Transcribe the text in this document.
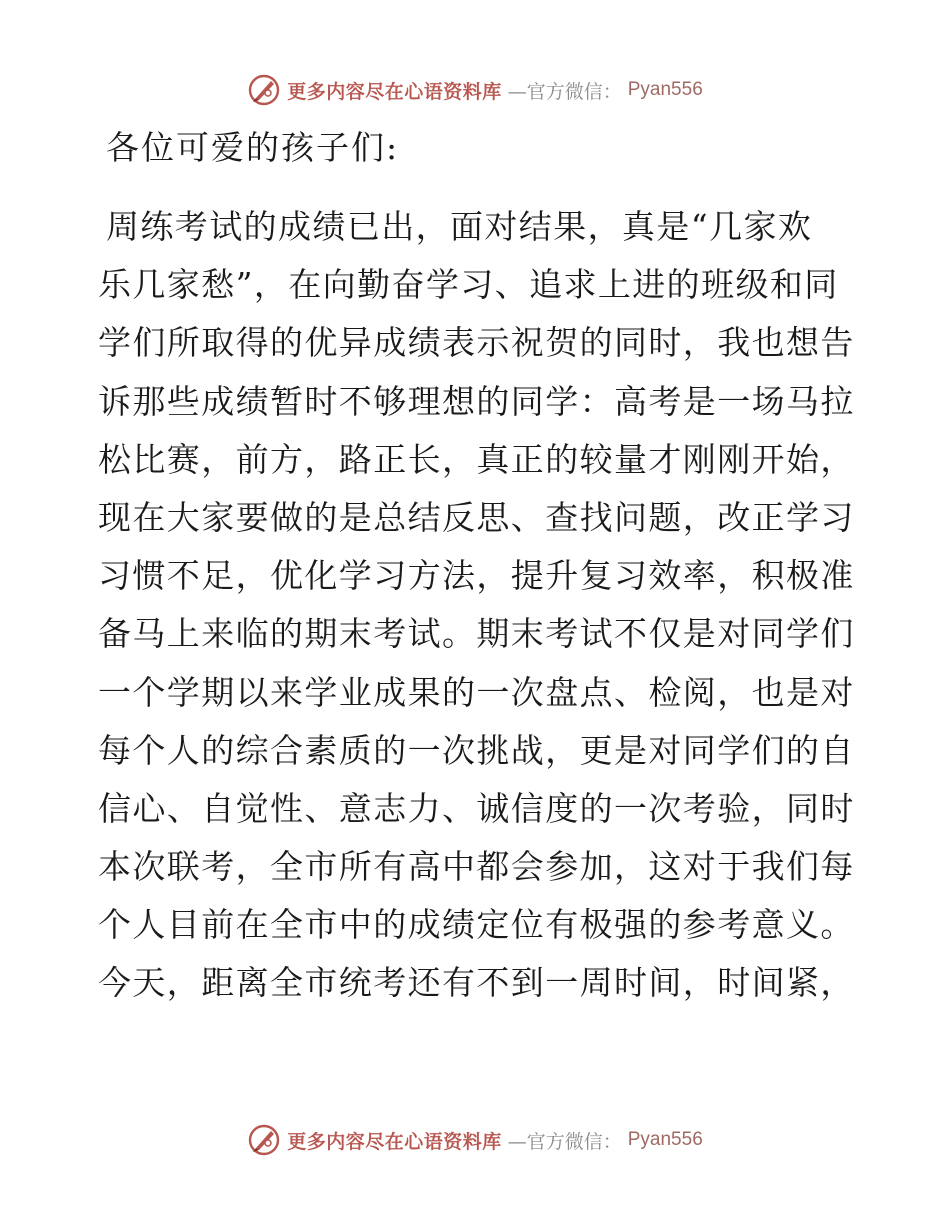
更多内容尽在心语资料库 —官方微信： Pyan556

各位可爱的孩子们:

周练考试的成绩已出，面对结果，真是“几家欢
乐几家愁”，在向勤奋学习、追求上进的班级和同
学们所取得的优异成绩表示祝贺的同时，我也想告
诉那些成绩暂时不够理想的同学：高考是一场马拉
松比赛，前方，路正长，真正的较量才刚刚开始，
现在大家要做的是总结反思、查找问题，改正学习
习惯不足，优化学习方法，提升复习效率，积极准
备马上来临的期末考试。期末考试不仅是对同学们
一个学期以来学业成果的一次盘点、检阅，也是对
每个人的综合素质的一次挑战，更是对同学们的自
信心、自觉性、意志力、诚信度的一次考验，同时
本次联考，全市所有高中都会参加，这对于我们每
个人目前在全市中的成绩定位有极强的参考意义。
今天，距离全市统考还有不到一周时间，时间紧，
更多内容尽在心语资料库 —官方微信： Pyan556
